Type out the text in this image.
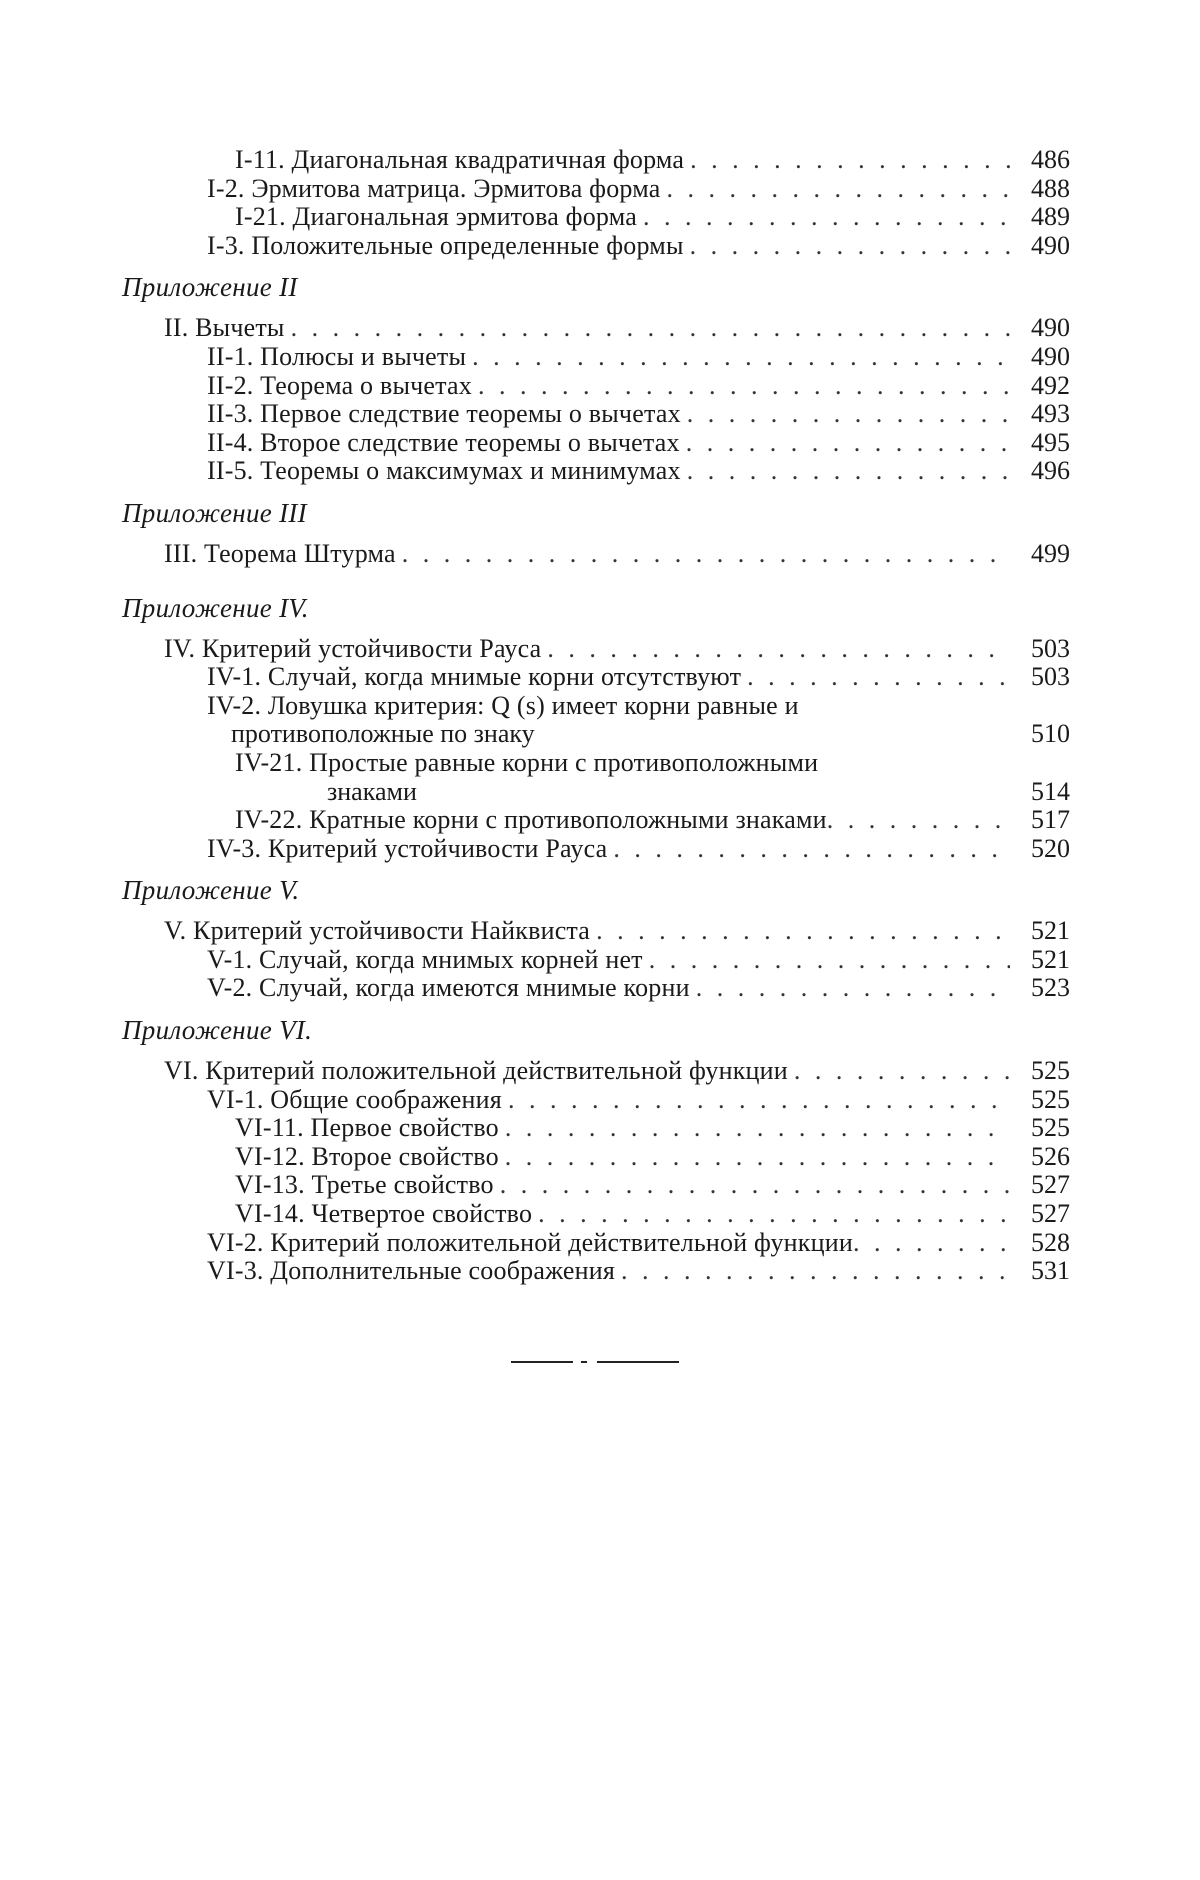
I-11. Диагональная квадратичная форма . . .	486
I-2. Эрмитова матрица. Эрмитова форма . . .	488
I-21. Диагональная эрмитова форма . . .	489
I-3. Положительные определенные формы . . .	490
Приложение II
II. Вычеты . . .	490
II-1. Полюсы и вычеты . . .	490
II-2. Теорема о вычетах . . .	492
II-3. Первое следствие теоремы о вычетах . . .	493
II-4. Второе следствие теоремы о вычетах . . .	495
II-5. Теоремы о максимумах и минимумах . . .	496
Приложение III
III. Теорема Штурма . . .	499
Приложение IV.
IV. Критерий устойчивости Рауса . . .	503
IV-1. Случай, когда мнимые корни отсутствуют . . .	503
IV-2. Ловушка критерия: Q (s) имеет корни равные и
противоположные по знаку	510
IV-21. Простые равные корни с противоположными
знаками	514
IV-22. Кратные корни с противоположными знаками . . .	517
IV-3. Критерий устойчивости Рауса . . .	520
Приложение V.
V. Критерий устойчивости Найквиста . . .	521
V-1. Случай, когда мнимых корней нет . . .	521
V-2. Случай, когда имеются мнимые корни . . .	523
Приложение VI.
VI. Критерий положительной действительной функции . . .	525
VI-1. Общие соображения . . .	525
VI-11. Первое свойство . . .	525
VI-12. Второе свойство . . .	526
VI-13. Третье свойство . . .	527
VI-14. Четвертое свойство . . .	527
VI-2. Критерий положительной действительной функции . . .	528
VI-3. Дополнительные соображения . . .	531
